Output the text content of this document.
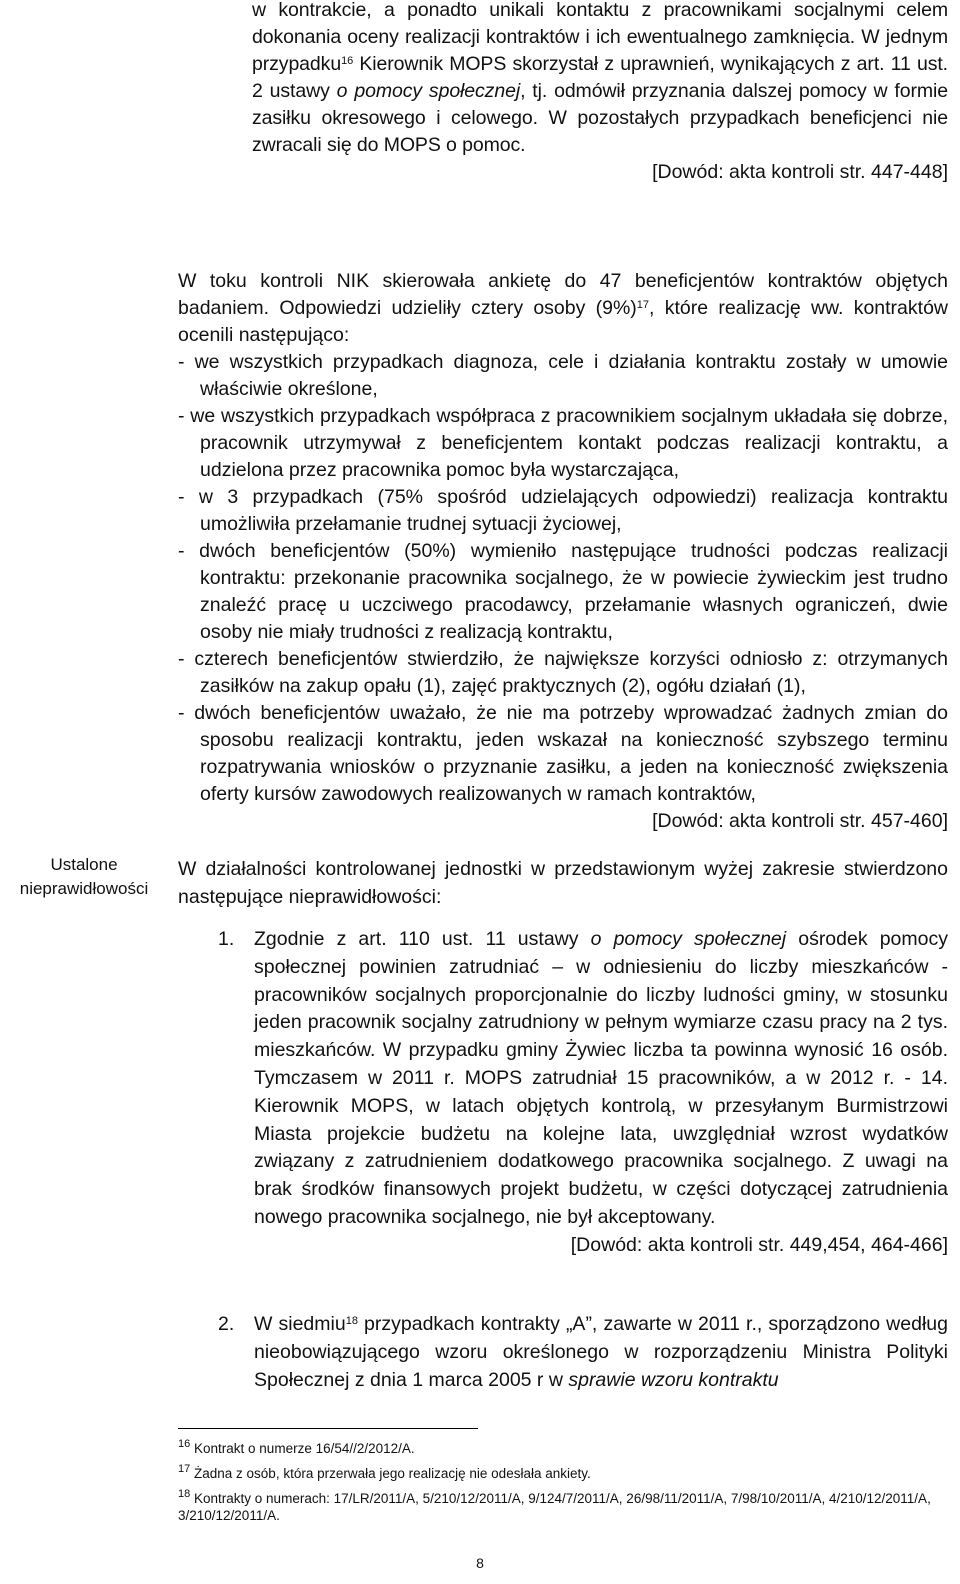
w kontrakcie, a ponadto unikali kontaktu z pracownikami socjalnymi celem dokonania oceny realizacji kontraktów i ich ewentualnego zamknięcia. W jednym przypadku$^{16}$ Kierownik MOPS skorzystał z uprawnień, wynikających z art. 11 ust. 2 ustawy o pomocy społecznej, tj. odmówił przyznania dalszej pomocy w formie zasiłku okresowego i celowego. W pozostałych przypadkach beneficjenci nie zwracali się do MOPS o pomoc.

[Dowód: akta kontroli str. 447-448]

W toku kontroli NIK skierowała ankietę do 47 beneficjentów kontraktów objętych badaniem. Odpowiedzi udzieliły cztery osoby $(9\%)^{17}$, które realizację ww. kontraktów ocenili następująco:

- we wszystkich przypadkach diagnoza, cele i działania kontraktu zostały w umowie właściwie określone,

- we wszystkich przypadkach współpraca z pracownikiem socjalnym układała się dobrze, pracownik utrzymywał z beneficjentem kontakt podczas realizacji kontraktu, a udzielona przez pracownika pomoc była wystarczająca,

- w 3 przypadkach (75% spośród udzielających odpowiedzi) realizacja kontraktu umożliwiła przełamanie trudnej sytuacji życiowej,

- dwóch beneficjentów (50%) wymieniło następujące trudności podczas realizacji kontraktu: przekonanie pracownika socjalnego, że w powiecie żywieckim jest trudno znaleźć pracę u uczciwego pracodawcy, przełamanie własnych ograniczeń, dwie osoby nie miały trudności z realizacją kontraktu,

- czterech beneficjentów stwierdziło, że największe korzyści odniosło z: otrzymanych zasiłków na zakup opału (1), zajęć praktycznych (2), ogółu działań (1),

- dwóch beneficjentów uważało, że nie ma potrzeby wprowadzać żadnych zmian do sposobu realizacji kontraktu, jeden wskazał na konieczność szybszego terminu rozpatrywania wniosków o przyznanie zasiłku, a jeden na konieczność zwiększenia oferty kursów zawodowych realizowanych w ramach kontraktów,

[Dowód: akta kontroli str. 457-460]

Ustalone
nieprawidłowości

W działalności kontrolowanej jednostki w przedstawionym wyżej zakresie stwierdzono następujące nieprawidłowości:

1. Zgodnie z art. 110 ust. 11 ustawy o pomocy społecznej ośrodek pomocy społecznej powinien zatrudniać – w odniesieniu do liczby mieszkańców - pracowników socjalnych proporcjonalnie do liczby ludności gminy, w stosunku jeden pracownik socjalny zatrudniony w pełnym wymiarze czasu pracy na 2 tys. mieszkańców. W przypadku gminy Żywiec liczba ta powinna wynosić 16 osób. Tymczasem w 2011 r. MOPS zatrudniał 15 pracowników, a w 2012 r. - 14. Kierownik MOPS, w latach objętych kontrolą, w przesyłanym Burmistrzowi Miasta projekcie budżetu na kolejne lata, uwzględniał wzrost wydatków związany z zatrudnieniem dodatkowego pracownika socjalnego. Z uwagi na brak środków finansowych projekt budżetu, w części dotyczącej zatrudnienia nowego pracownika socjalnego, nie był akceptowany.

[Dowód: akta kontroli str. 449,454, 464-466]

2. W siedmiu$^{18}$ przypadkach kontrakty „A”, zawarte w 2011 r., sporządzono według nieobowiązującego wzoru określonego w rozporządzeniu Ministra Polityki Społecznej z dnia 1 marca 2005 r w sprawie wzoru kontraktu
$^{16}$ Kontrakt o numerze 16/54//2/2012/A.
$^{17}$ Żadna z osób, która przerwała jego realizację nie odesłała ankiety.
$^{18}$ Kontrakty o numerach: 17/LR/2011/A, 5/210/12/2011/A, 9/124/7/2011/A, 26/98/11/2011/A, 7/98/10/2011/A, 4/210/12/2011/A, 3/210/12/2011/A.
8
